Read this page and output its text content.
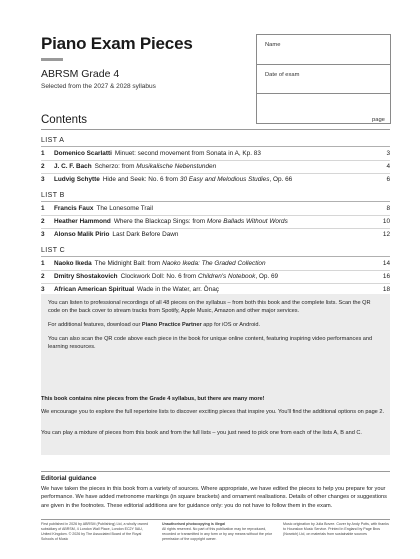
Piano Exam Pieces
ABRSM Grade 4
Selected from the 2027 & 2028 syllabus
Name
Date of exam
Contents	page
LIST A
1 Domenico Scarlatti Minuet: second movement from Sonata in A, Kp. 83	3
2 J. C. F. Bach Scherzo: from Musikalische Nebenstunden	4
3 Ludvig Schytte Hide and Seek: No. 6 from 30 Easy and Melodious Studies, Op. 66	6
LIST B
1 Francis Faux The Lonesome Trail	8
2 Heather Hammond Where the Blackcap Sings: from More Ballads Without Words	10
3 Alonso Malik Pirio Last Dark Before Dawn	12
LIST C
1 Naoko Ikeda The Midnight Ball: from Naoko Ikeda: The Graded Collection	14
2 Dmitry Shostakovich Clockwork Doll: No. 6 from Children's Notebook, Op. 69	16
3 African American Spiritual Wade in the Water, arr. Önaç	18

You can listen to professional recordings of all 48 pieces on the syllabus – from both this book and the complete lists. Scan the QR code on the back cover to stream tracks from Spotify, Apple Music, Amazon and other major services.

For additional features, download our Piano Practice Partner app for iOS or Android.

You can also scan the QR code above each piece in the book for unique online content, featuring inspiring video performances and learning resources.

This book contains nine pieces from the Grade 4 syllabus, but there are many more!
We encourage you to explore the full repertoire lists to discover exciting pieces that inspire you. You'll find the additional options on page 2.
You can play a mixture of pieces from this book and from the full lists – you just need to pick one from each of the lists A, B and C.
Editorial guidance
We have taken the pieces in this book from a variety of sources. Where appropriate, we have edited the pieces to help you prepare for your performance. We have added metronome markings (in square brackets) and ornament realisations. Details of other changes or suggestions are given in the footnotes. These editorial additions are for guidance only: you do not have to follow them in the exam.
First published in 2026 by ABRSM (Publishing) Ltd, a wholly owned subsidiary of ABRSM, 4 London Wall Place, London EC2Y 5AU, United Kingdom. © 2026 by The Associated Board of the Royal Schools of Music
Unauthorised photocopying is illegal
All rights reserved. No part of this publication may be reproduced, recorded or transmitted in any form or by any means without the prior permission of the copyright owner.
Music origination by Julia Bovee. Cover by Andy Potts, with thanks to Hounslow Music Service. Printed in England by Page Bros (Norwich) Ltd, on materials from sustainable sources
